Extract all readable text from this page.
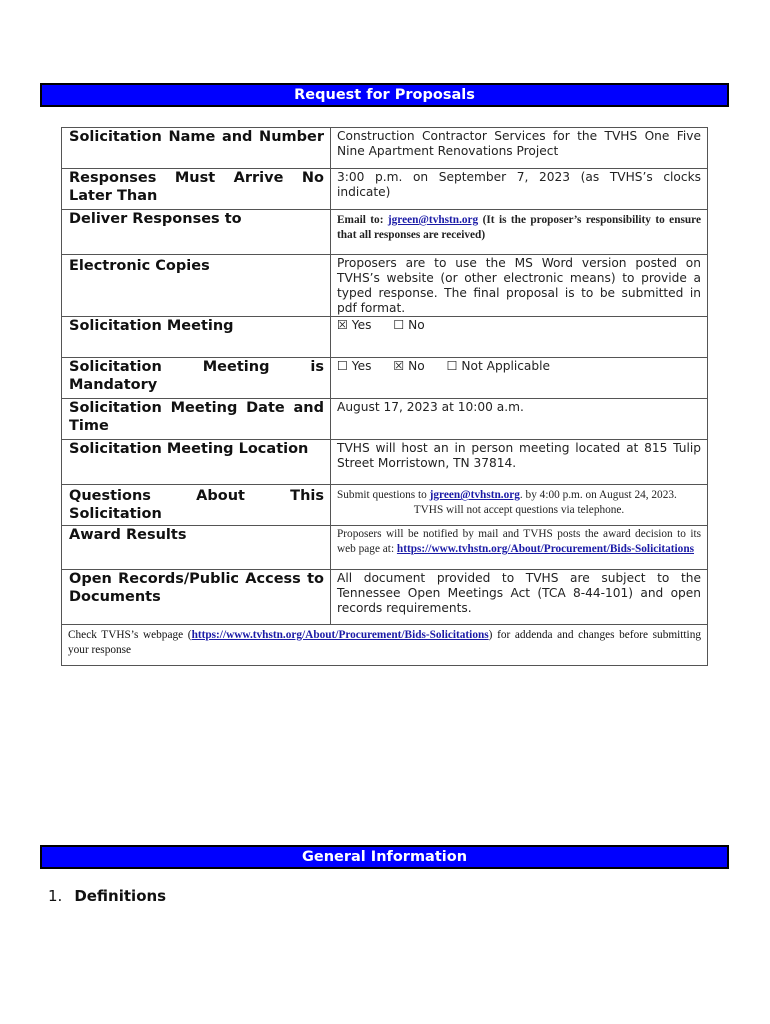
Request for Proposals
Solicitation Name and Number	Construction Contractor Services for the TVHS One Five Nine Apartment Renovations Project

Responses Must Arrive No Later Than	3:00 p.m. on September 7, 2023 (as TVHS’s clocks indicate)
Deliver Responses to	Email to: jgreen@tvhstn.org (It is the proposer’s responsibility to ensure that all responses are received)
Electronic Copies	Proposers are to use the MS Word version posted on TVHS’s website (or other electronic means) to provide a typed response. The final proposal is to be submitted in pdf format.
Solicitation Meeting	☒ Yes ☐ No

Solicitation Meeting is Mandatory	☐ Yes ☒ No ☐ Not Applicable

Solicitation Meeting Date and Time	August 17, 2023 at 10:00 a.m.

Solicitation Meeting Location	TVHS will host an in person meeting located at 815 Tulip Street Morristown, TN 37814.

Questions About This Solicitation	Submit questions to jgreen@tvhstn.org. by 4:00 p.m. on August 24, 2023.
TVHS will not accept questions via telephone.

Award Results	Proposers will be notified by mail and TVHS posts the award decision to its web page at: https://www.tvhstn.org/About/Procurement/Bids-Solicitations
Open Records/Public Access to Documents	All document provided to TVHS are subject to the Tennessee Open Meetings Act (TCA 8-44-101) and open records requirements.
Check TVHS’s webpage (https://www.tvhstn.org/About/Procurement/Bids-Solicitations) for addenda and changes before submitting your response	
General Information
1. Definitions
